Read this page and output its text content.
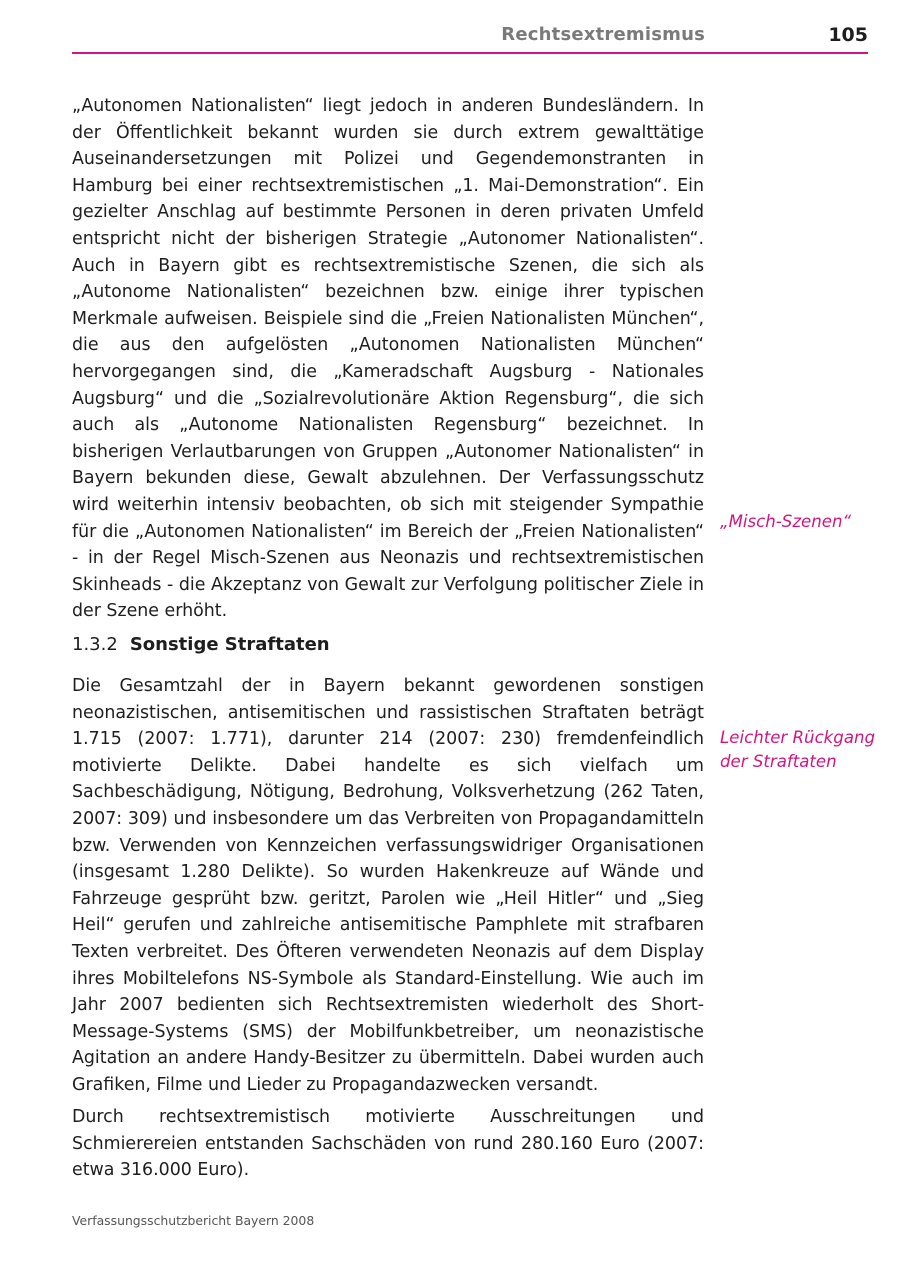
Rechtsextremismus	105

„Autonomen Nationalisten“ liegt jedoch in anderen Bundesländern. In der Öffentlichkeit bekannt wurden sie durch extrem gewalttätige Auseinandersetzungen mit Polizei und Gegendemonstranten in Hamburg bei einer rechtsextremistischen „1. Mai-Demonstration“. Ein gezielter Anschlag auf bestimmte Personen in deren privaten Umfeld entspricht nicht der bisherigen Strategie „Autonomer Nationalisten“. Auch in Bayern gibt es rechtsextremistische Szenen, die sich als „Autonome Nationalisten“ bezeichnen bzw. einige ihrer typischen Merkmale aufweisen. Beispiele sind die „Freien Nationalisten München“, die aus den aufgelösten „Autonomen Nationalisten München“ hervorgegangen sind, die „Kameradschaft Augsburg - Nationales Augsburg“ und die „Sozialrevolutionäre Aktion Regensburg“, die sich auch als „Autonome Nationalisten Regensburg“ bezeichnet. In bisherigen Verlautbarungen von Gruppen „Autonomer Nationalisten“ in Bayern bekunden diese, Gewalt abzulehnen. Der Verfassungsschutz wird weiterhin intensiv beobachten, ob sich mit steigender Sympathie für die „Autonomen Nationalisten“ im Bereich der „Freien Nationalisten“ - in der Regel Misch-Szenen aus Neonazis und rechtsextremistischen Skinheads - die Akzeptanz von Gewalt zur Verfolgung politischer Ziele in der Szene erhöht.

„Misch-Szenen“
1.3.2 Sonstige Straftaten

Die Gesamtzahl der in Bayern bekannt gewordenen sonstigen neonazistischen, antisemitischen und rassistischen Straftaten beträgt 1.715 (2007: 1.771), darunter 214 (2007: 230) fremdenfeindlich motivierte Delikte. Dabei handelte es sich vielfach um Sachbeschädigung, Nötigung, Bedrohung, Volksverhetzung (262 Taten, 2007: 309) und insbesondere um das Verbreiten von Propagandamitteln bzw. Verwenden von Kennzeichen verfassungswidriger Organisationen (insgesamt 1.280 Delikte). So wurden Hakenkreuze auf Wände und Fahrzeuge gesprüht bzw. geritzt, Parolen wie „Heil Hitler“ und „Sieg Heil“ gerufen und zahlreiche antisemitische Pamphlete mit strafbaren Texten verbreitet. Des Öfteren verwendeten Neonazis auf dem Display ihres Mobiltelefons NS-Symbole als Standard-Einstellung. Wie auch im Jahr 2007 bedienten sich Rechtsextremisten wiederholt des Short-Message-Systems (SMS) der Mobilfunkbetreiber, um neonazistische Agitation an andere Handy-Besitzer zu übermitteln. Dabei wurden auch Grafiken, Filme und Lieder zu Propagandazwecken versandt.

Leichter Rückgang der Straftaten

Durch rechtsextremistisch motivierte Ausschreitungen und Schmierereien entstanden Sachschäden von rund 280.160 Euro (2007: etwa 316.000 Euro).

Verfassungsschutzbericht Bayern 2008
